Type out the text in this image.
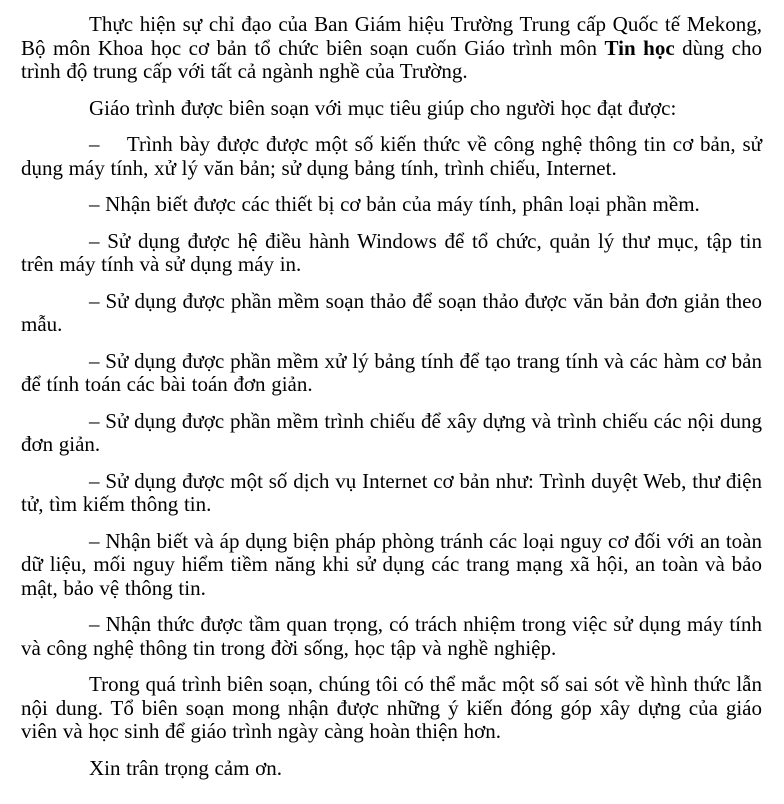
Thực hiện sự chỉ đạo của Ban Giám hiệu Trường Trung cấp Quốc tế Mekong, Bộ môn Khoa học cơ bản tổ chức biên soạn cuốn Giáo trình môn Tin học dùng cho trình độ trung cấp với tất cả ngành nghề của Trường.

Giáo trình được biên soạn với mục tiêu giúp cho người học đạt được:

–    Trình bày được được một số kiến thức về công nghệ thông tin cơ bản, sử dụng máy tính, xử lý văn bản; sử dụng bảng tính, trình chiếu, Internet.

– Nhận biết được các thiết bị cơ bản của máy tính, phân loại phần mềm.

– Sử dụng được hệ điều hành Windows để tổ chức, quản lý thư mục, tập tin trên máy tính và sử dụng máy in.

– Sử dụng được phần mềm soạn thảo để soạn thảo được văn bản đơn giản theo mẫu.

– Sử dụng được phần mềm xử lý bảng tính để tạo trang tính và các hàm cơ bản để tính toán các bài toán đơn giản.

– Sử dụng được phần mềm trình chiếu để xây dựng và trình chiếu các nội dung đơn giản.

– Sử dụng được một số dịch vụ Internet cơ bản như: Trình duyệt Web, thư điện tử, tìm kiếm thông tin.

– Nhận biết và áp dụng biện pháp phòng tránh các loại nguy cơ đối với an toàn dữ liệu, mối nguy hiểm tiềm năng khi sử dụng các trang mạng xã hội, an toàn và bảo mật, bảo vệ thông tin.

– Nhận thức được tầm quan trọng, có trách nhiệm trong việc sử dụng máy tính và công nghệ thông tin trong đời sống, học tập và nghề nghiệp.

Trong quá trình biên soạn, chúng tôi có thể mắc một số sai sót về hình thức lẫn nội dung. Tổ biên soạn mong nhận được những ý kiến đóng góp xây dựng của giáo viên và học sinh để giáo trình ngày càng hoàn thiện hơn.

Xin trân trọng cảm ơn.
